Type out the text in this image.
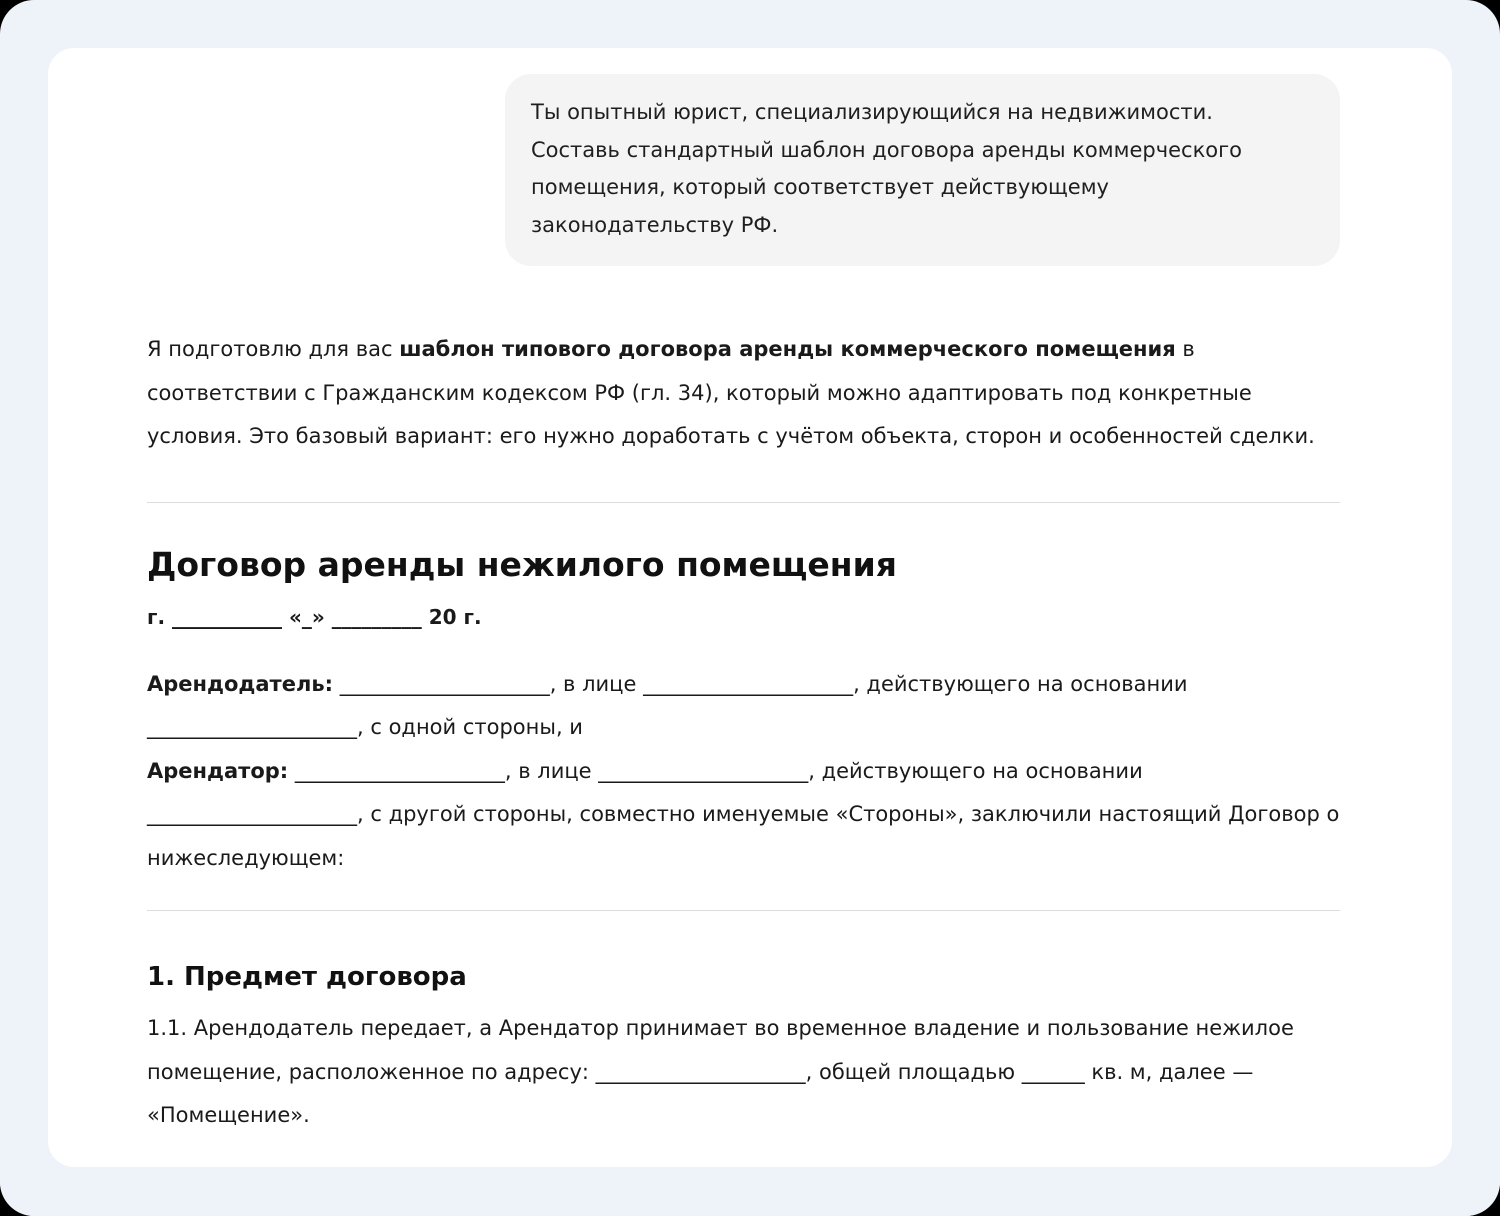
Ты опытный юрист, специализирующийся на недвижимости.
Составь стандартный шаблон договора аренды коммерческого
помещения, который соответствует действующему
законодательству РФ.

Я подготовлю для вас шаблон типового договора аренды коммерческого помещения в соответствии с Гражданским кодексом РФ (гл. 34), который можно адаптировать под конкретные условия. Это базовый вариант: его нужно доработать с учётом объекта, сторон и особенностей сделки.

Договор аренды нежилого помещения

г. ___________ «_» _________ 20 г.

Арендодатель: ____________________, в лице ____________________, действующего на основании ____________________, с одной стороны, и
Арендатор: ____________________, в лице ____________________, действующего на основании ____________________, с другой стороны, совместно именуемые «Стороны», заключили настоящий Договор о нижеследующем:

1. Предмет договора

1.1. Арендодатель передает, а Арендатор принимает во временное владение и пользование нежилое помещение, расположенное по адресу: ____________________, общей площадью ______ кв. м, далее — «Помещение».
